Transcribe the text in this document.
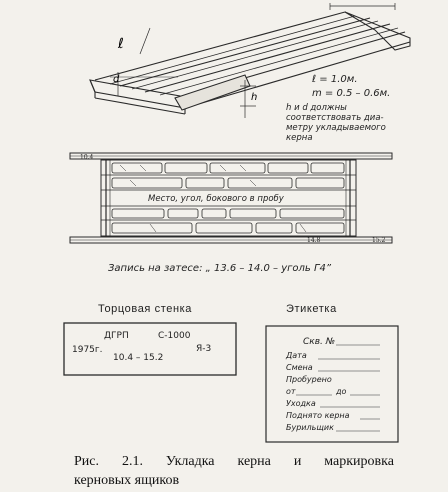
ℓ
d
h
ℓ = 1.0м.
m = 0.5 – 0.6м.
h и d должны
соответствовать диа-
метру укладываемого
керна
10.4
14.8	15.2
Место, угол, бокового в пробу
Запись на затесе: „ 13.6 – 14.0 – уголь Г4”
Торцовая стенка
ДГРП	С-1000
1975г.
10.4 – 15.2
Я-3
Этикетка
Скв. №
Дата
Смена
Пробурено
от	до
Уходка
Поднято керна
Бурильщик
Рис. 2.1. Укладка керна и маркировка
керновых ящиков
